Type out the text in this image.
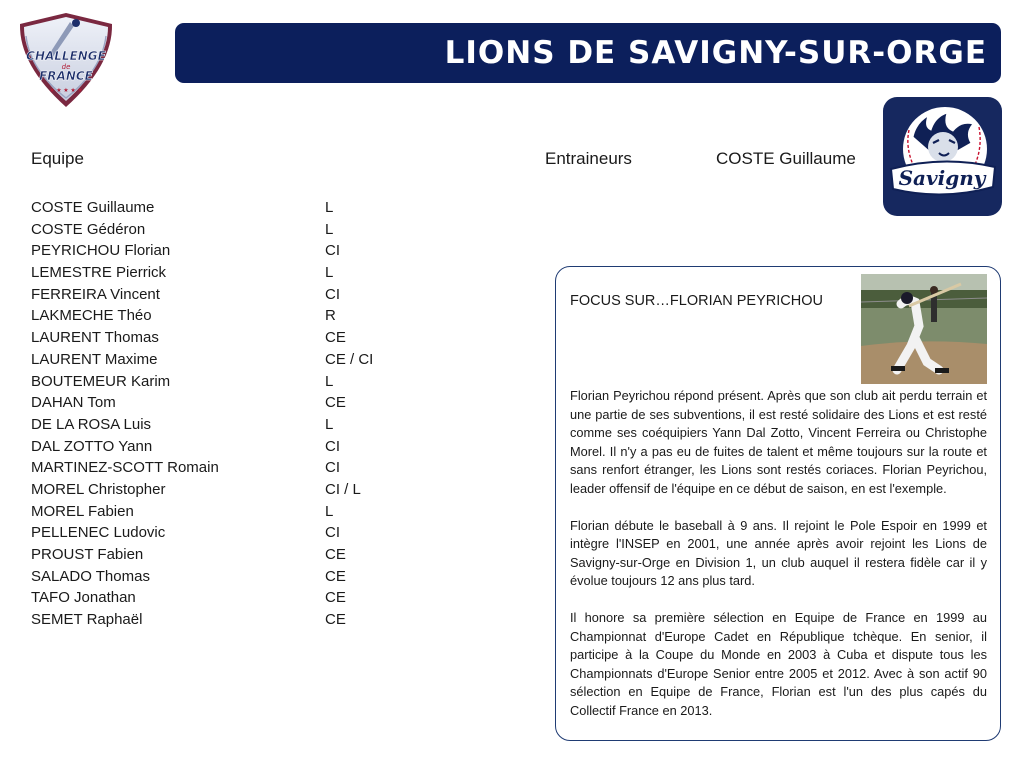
CHALLENGE
de
FRANCE
★ ★ ★ ★ ★
LIONS DE SAVIGNY-SUR-ORGE
Savigny
Equipe	Entraineurs	COSTE Guillaume
COSTE Guillaume	L
COSTE Gédéron	L
PEYRICHOU Florian	CI
LEMESTRE Pierrick	L
FERREIRA Vincent	CI
LAKMECHE Théo	R
LAURENT Thomas	CE
LAURENT Maxime	CE / CI
BOUTEMEUR Karim	L
DAHAN Tom	CE
DE LA ROSA Luis	L
DAL ZOTTO Yann	CI
MARTINEZ-SCOTT Romain	CI
MOREL Christopher	CI / L
MOREL Fabien	L
PELLENEC Ludovic	CI
PROUST Fabien	CE
SALADO Thomas	CE
TAFO Jonathan	CE
SEMET Raphaël	CE
FOCUS SUR…FLORIAN PEYRICHOU

Florian Peyrichou répond présent. Après que son club ait perdu terrain et une partie de ses subventions, il est resté solidaire des Lions et est resté comme ses coéquipiers Yann Dal Zotto, Vincent Ferreira ou Christophe Morel. Il n'y a pas eu de fuites de talent et même toujours sur la route et sans renfort étranger, les Lions sont restés coriaces. Florian Peyrichou, leader offensif de l'équipe en ce début de saison, en est l'exemple.

Florian débute le baseball à 9 ans. Il rejoint le Pole Espoir en 1999 et intègre l'INSEP en 2001, une année après avoir rejoint les Lions de Savigny-sur-Orge en Division 1, un club auquel il restera fidèle car il y évolue toujours 12 ans plus tard.

Il honore sa première sélection en Equipe de France en 1999 au Championnat d'Europe Cadet en République tchèque. En senior, il participe à la Coupe du Monde en 2003 à Cuba et dispute tous les Championnats d'Europe Senior entre 2005 et 2012. Avec à son actif 90 sélection en Equipe de France, Florian est l'un des plus capés du Collectif France en 2013.
